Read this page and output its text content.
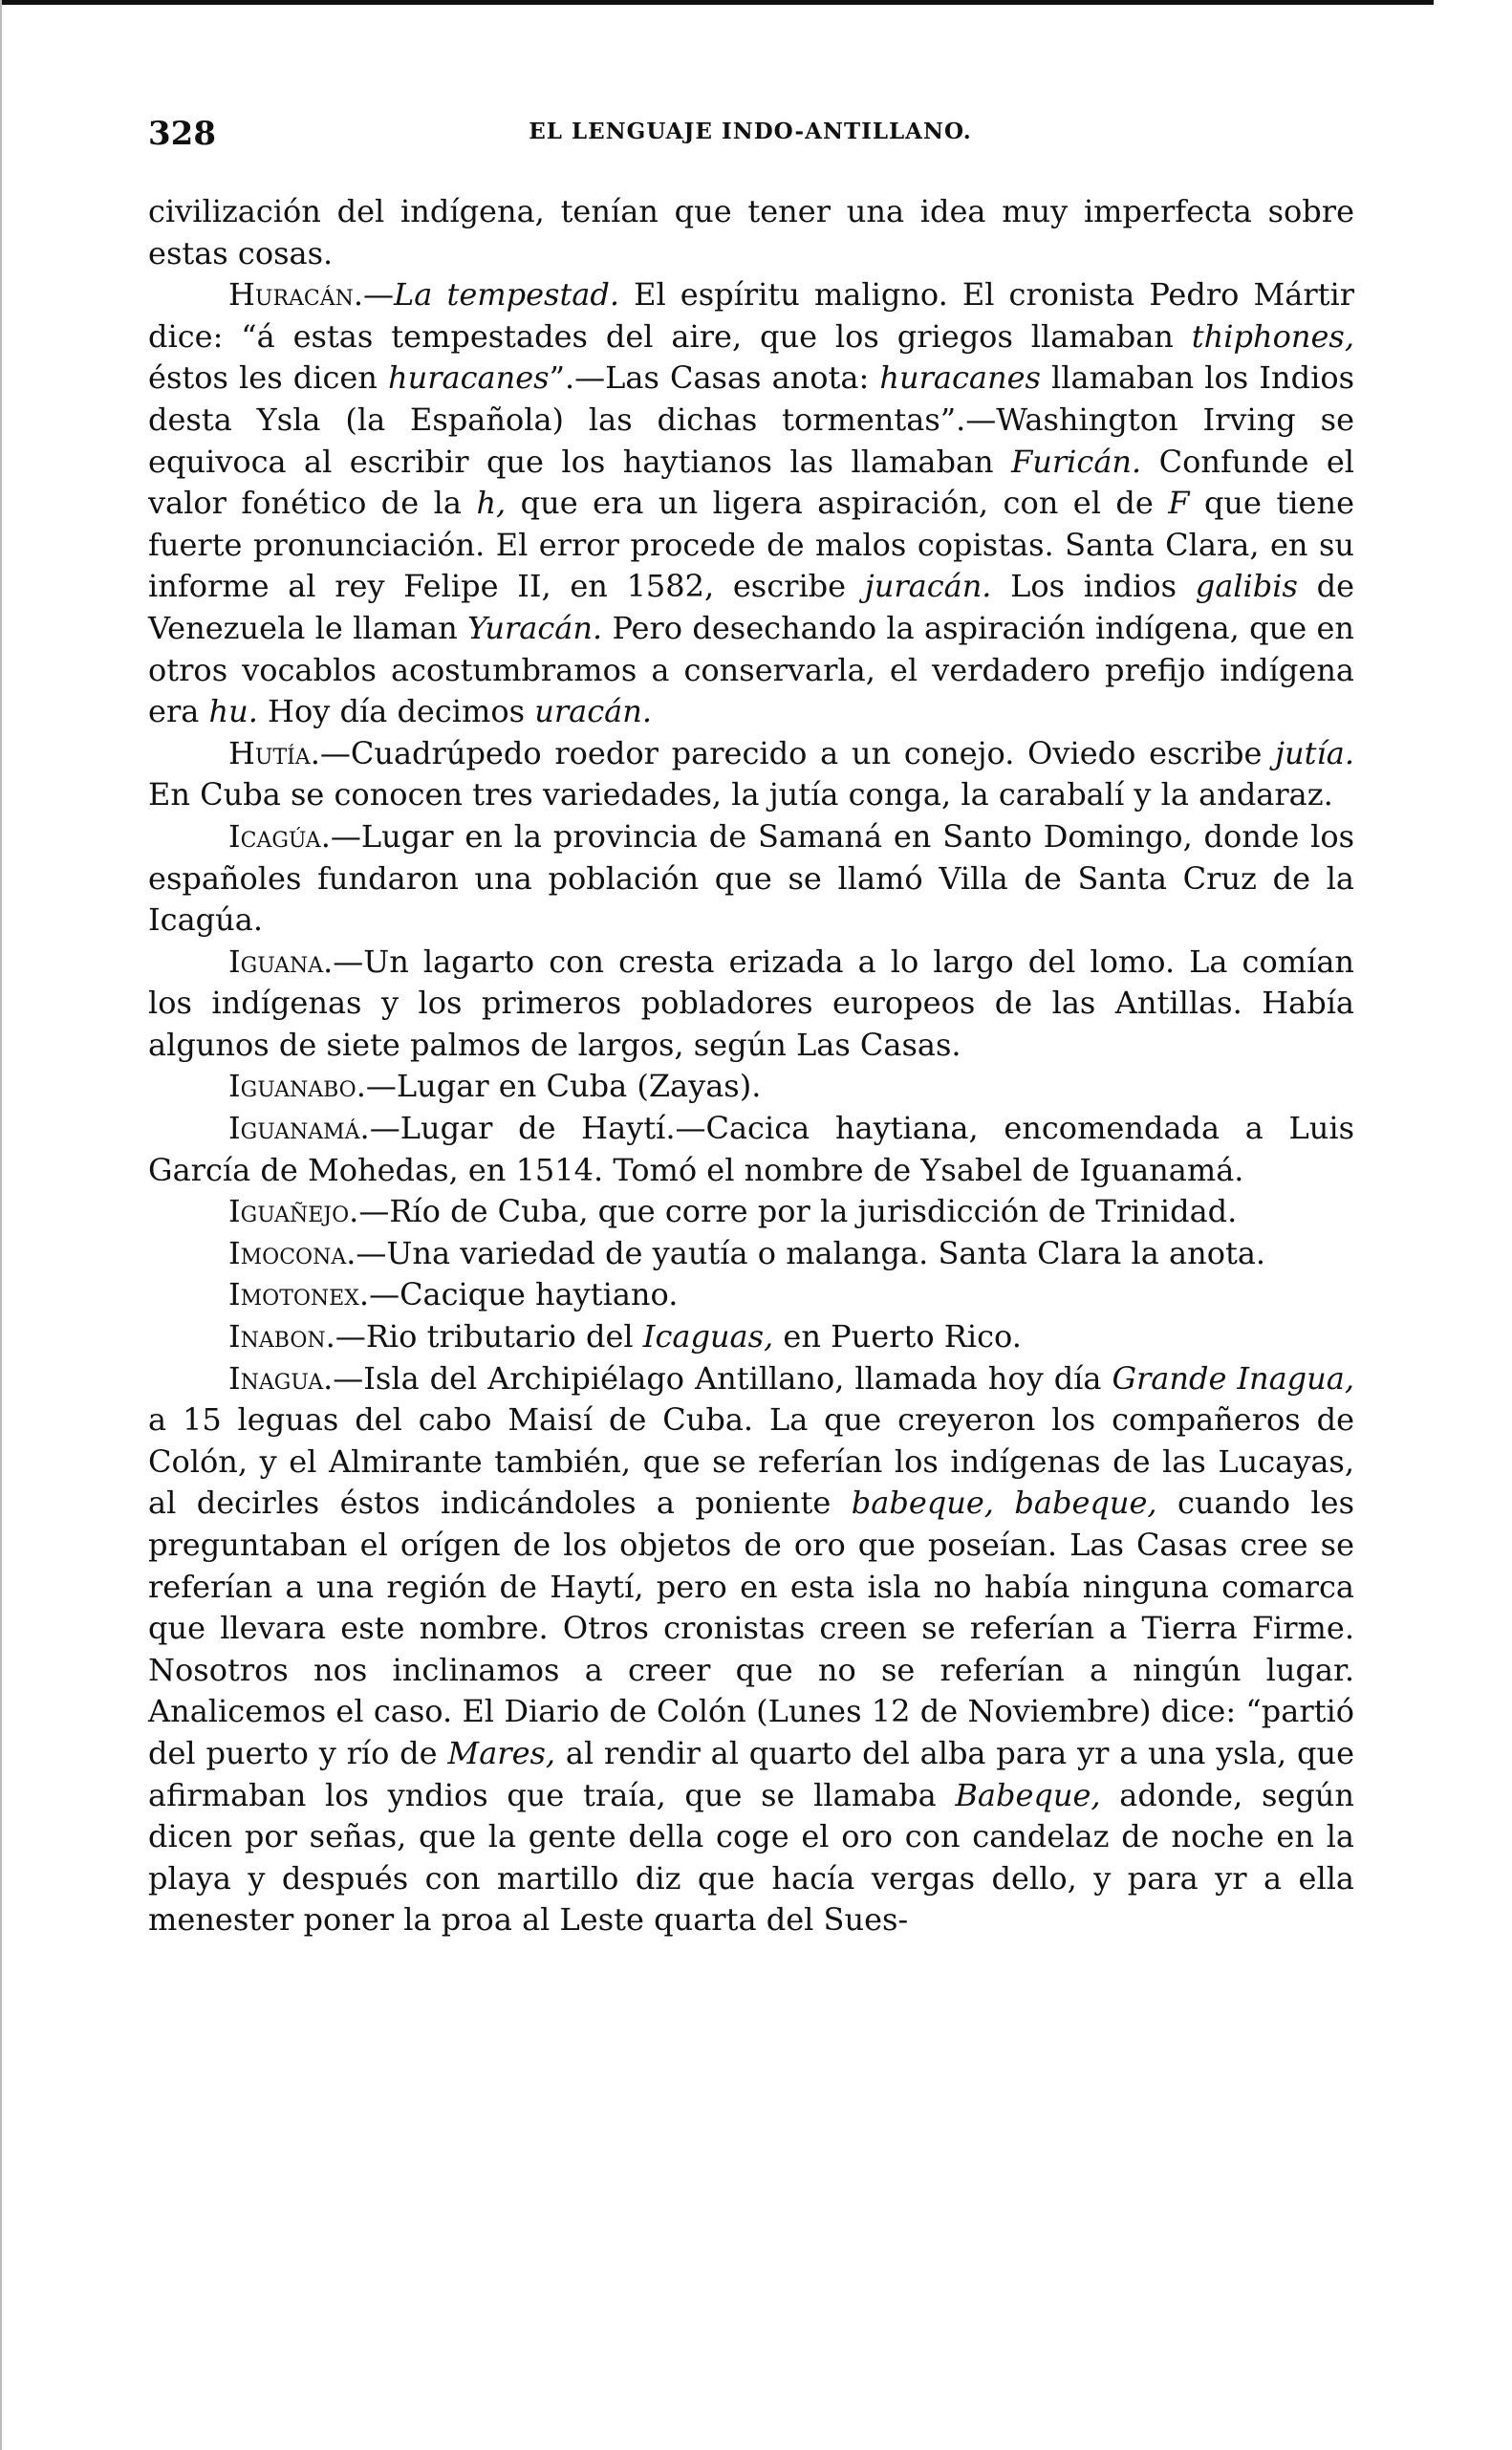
328	EL LENGUAJE INDO-ANTILLANO.

civilización del indígena, tenían que tener una idea muy imperfecta sobre estas cosas.

Huracán.—La tempestad. El espíritu maligno. El cronista Pedro Mártir dice: “á estas tempestades del aire, que los griegos llamaban thiphones, éstos les dicen huracanes”.—Las Casas anota: huracanes llamaban los Indios desta Ysla (la Española) las dichas tormentas”.—Washington Irving se equivoca al escribir que los haytianos las llamaban Furicán. Confunde el valor fonético de la h, que era un ligera aspiración, con el de F que tiene fuerte pronunciación. El error procede de malos copistas. Santa Clara, en su informe al rey Felipe II, en 1582, escribe juracán. Los indios galibis de Venezuela le llaman Yuracán. Pero desechando la aspiración indígena, que en otros vocablos acostumbramos a conservarla, el verdadero prefijo indígena era hu. Hoy día decimos uracán.

Hutía.—Cuadrúpedo roedor parecido a un conejo. Oviedo escribe jutía. En Cuba se conocen tres variedades, la jutía conga, la carabalí y la andaraz.

Icagúa.—Lugar en la provincia de Samaná en Santo Domingo, donde los españoles fundaron una población que se llamó Villa de Santa Cruz de la Icagúa.

Iguana.—Un lagarto con cresta erizada a lo largo del lomo. La comían los indígenas y los primeros pobladores europeos de las Antillas. Había algunos de siete palmos de largos, según Las Casas.

Iguanabo.—Lugar en Cuba (Zayas).

Iguanamá.—Lugar de Haytí.—Cacica haytiana, encomendada a Luis García de Mohedas, en 1514. Tomó el nombre de Ysabel de Iguanamá.

Iguañejo.—Río de Cuba, que corre por la jurisdicción de Trinidad.

Imocona.—Una variedad de yautía o malanga. Santa Clara la anota.

Imotonex.—Cacique haytiano.

Inabon.—Rio tributario del Icaguas, en Puerto Rico.

Inagua.—Isla del Archipiélago Antillano, llamada hoy día Grande Inagua, a 15 leguas del cabo Maisí de Cuba. La que creyeron los compañeros de Colón, y el Almirante también, que se referían los indígenas de las Lucayas, al decirles éstos indicándoles a poniente babeque, babeque, cuando les preguntaban el orígen de los objetos de oro que poseían. Las Casas cree se referían a una región de Haytí, pero en esta isla no había ninguna comarca que llevara este nombre. Otros cronistas creen se referían a Tierra Firme. Nosotros nos inclinamos a creer que no se referían a ningún lugar. Analicemos el caso. El Diario de Colón (Lunes 12 de Noviembre) dice: “partió del puerto y río de Mares, al rendir al quarto del alba para yr a una ysla, que afirmaban los yndios que traía, que se llamaba Babeque, adonde, según dicen por señas, que la gente della coge el oro con candelaz de noche en la playa y después con martillo diz que hacía vergas dello, y para yr a ella menester poner la proa al Leste quarta del Sues-
